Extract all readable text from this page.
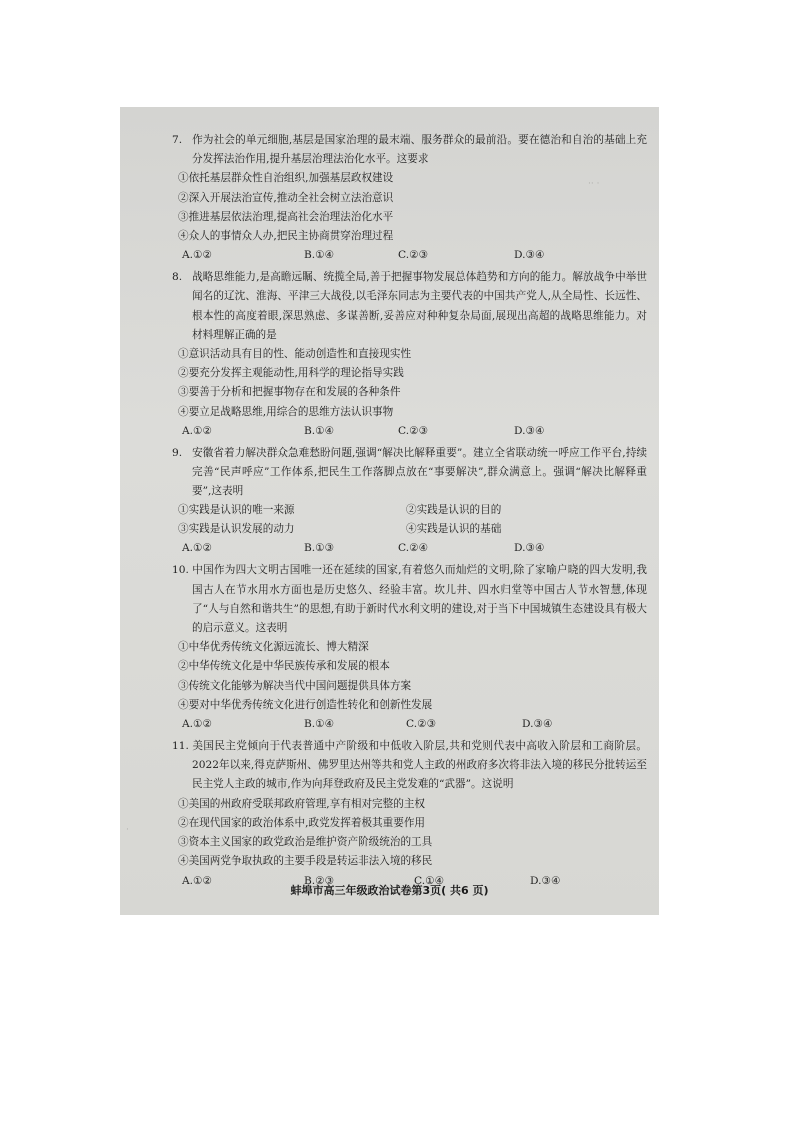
·· ·
·
7. 作为社会的单元细胞,基层是国家治理的最末端、服务群众的最前沿。要在德治和自治的基础上充分发挥法治作用,提升基层治理法治化水平。这要求
①依托基层群众性自治组织,加强基层政权建设
②深入开展法治宣传,推动全社会树立法治意识
③推进基层依法治理,提高社会治理法治化水平
④众人的事情众人办,把民主协商贯穿治理过程
A.①②	B.①④	C.②③	D.③④
8. 战略思维能力,是高瞻远瞩、统揽全局,善于把握事物发展总体趋势和方向的能力。解放战争中举世闻名的辽沈、淮海、平津三大战役,以毛泽东同志为主要代表的中国共产党人,从全局性、长远性、根本性的高度着眼,深思熟虑、多谋善断,妥善应对种种复杂局面,展现出高超的战略思维能力。对材料理解正确的是
①意识活动具有目的性、能动创造性和直接现实性
②要充分发挥主观能动性,用科学的理论指导实践
③要善于分析和把握事物存在和发展的各种条件
④要立足战略思维,用综合的思维方法认识事物
A.①②	B.①④	C.②③	D.③④
9. 安徽省着力解决群众急难愁盼问题,强调“解决比解释重要”。建立全省联动统一呼应工作平台,持续完善“民声呼应”工作体系,把民生工作落脚点放在“事要解决”,群众满意上。强调“解决比解释重要”,这表明
①实践是认识的唯一来源	②实践是认识的目的
③实践是认识发展的动力	④实践是认识的基础
A.①②	B.①③	C.②④	D.③④
10. 中国作为四大文明古国唯一还在延续的国家,有着悠久而灿烂的文明,除了家喻户晓的四大发明,我国古人在节水用水方面也是历史悠久、经验丰富。坎儿井、四水归堂等中国古人节水智慧,体现了“人与自然和谐共生”的思想,有助于新时代水利文明的建设,对于当下中国城镇生态建设具有极大的启示意义。这表明
①中华优秀传统文化源远流长、博大精深
②中华传统文化是中华民族传承和发展的根本
③传统文化能够为解决当代中国问题提供具体方案
④要对中华优秀传统文化进行创造性转化和创新性发展
A.①②	B.①④	C.②③	D.③④
11. 美国民主党倾向于代表普通中产阶级和中低收入阶层,共和党则代表中高收入阶层和工商阶层。2022年以来,得克萨斯州、佛罗里达州等共和党人主政的州政府多次将非法入境的移民分批转运至民主党人主政的城市,作为向拜登政府及民主党发难的“武器”。这说明
①美国的州政府受联邦政府管理,享有相对完整的主权
②在现代国家的政治体系中,政党发挥着极其重要作用
③资本主义国家的政党政治是维护资产阶级统治的工具
④美国两党争取执政的主要手段是转运非法入境的移民
A.①②	B.②③	C.①④	D.③④
蚌埠市高三年级政治试卷第3页( 共6 页)
